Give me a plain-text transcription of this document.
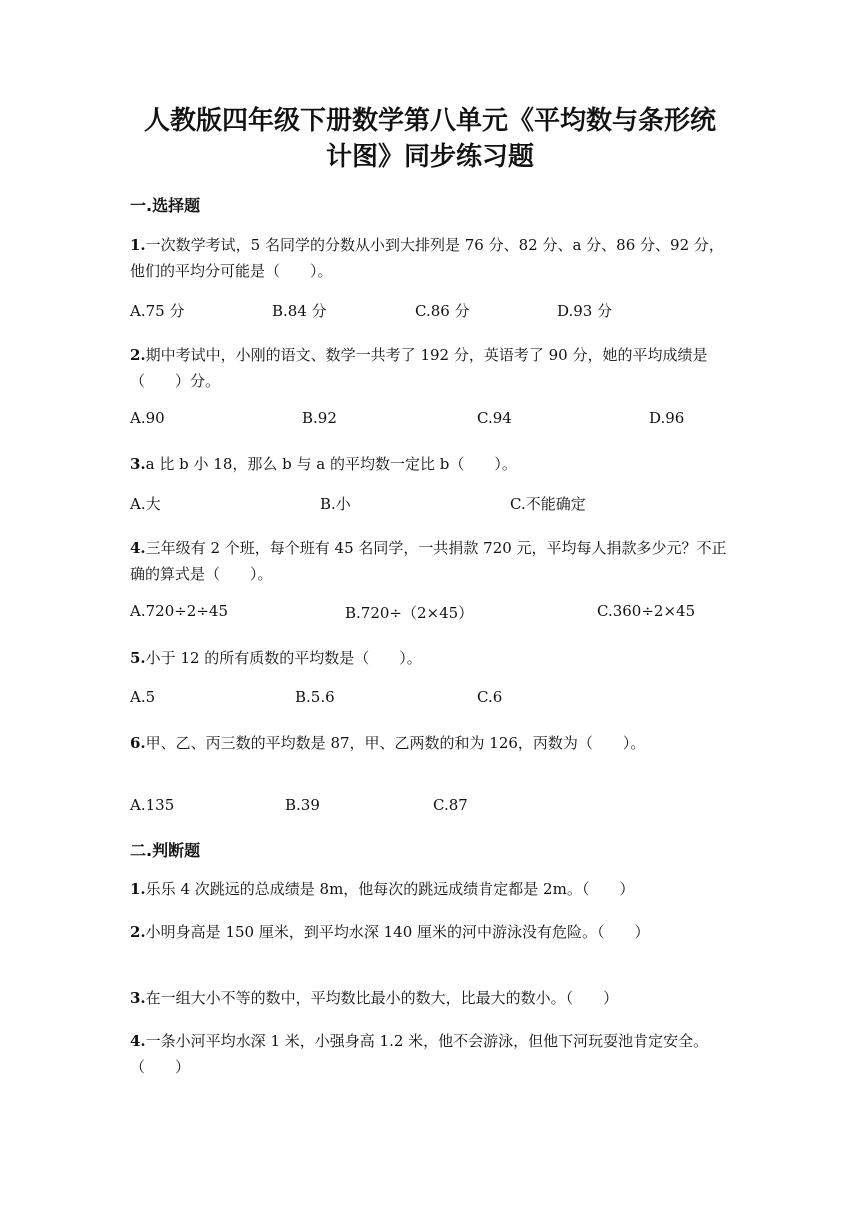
人教版四年级下册数学第八单元《平均数与条形统
计图》同步练习题
一.选择题
1.一次数学考试，5 名同学的分数从小到大排列是 76 分、82 分、a 分、86 分、92 分，他们的平均分可能是（　　）。
A.75 分	B.84 分	C.86 分	D.93 分
2.期中考试中，小刚的语文、数学一共考了 192 分，英语考了 90 分，她的平均成绩是（　　）分。
A.90	B.92	C.94	D.96
3.a 比 b 小 18，那么 b 与 a 的平均数一定比 b（　　）。
A.大	B.小	C.不能确定
4.三年级有 2 个班，每个班有 45 名同学，一共捐款 720 元，平均每人捐款多少元？不正确的算式是（　　）。
A.720÷2÷45	B.720÷（2×45）	C.360÷2×45
5.小于 12 的所有质数的平均数是（　　）。
A.5	B.5.6	C.6
6.甲、乙、丙三数的平均数是 87，甲、乙两数的和为 126，丙数为（　　）。
A.135	B.39	C.87
二.判断题
1.乐乐 4 次跳远的总成绩是 8m，他每次的跳远成绩肯定都是 2m。（　　）
2.小明身高是 150 厘米，到平均水深 140 厘米的河中游泳没有危险。（　　）
3.在一组大小不等的数中，平均数比最小的数大，比最大的数小。（　　）
4.一条小河平均水深 1 米，小强身高 1.2 米，他不会游泳，但他下河玩耍池肯定安全。（　　）
